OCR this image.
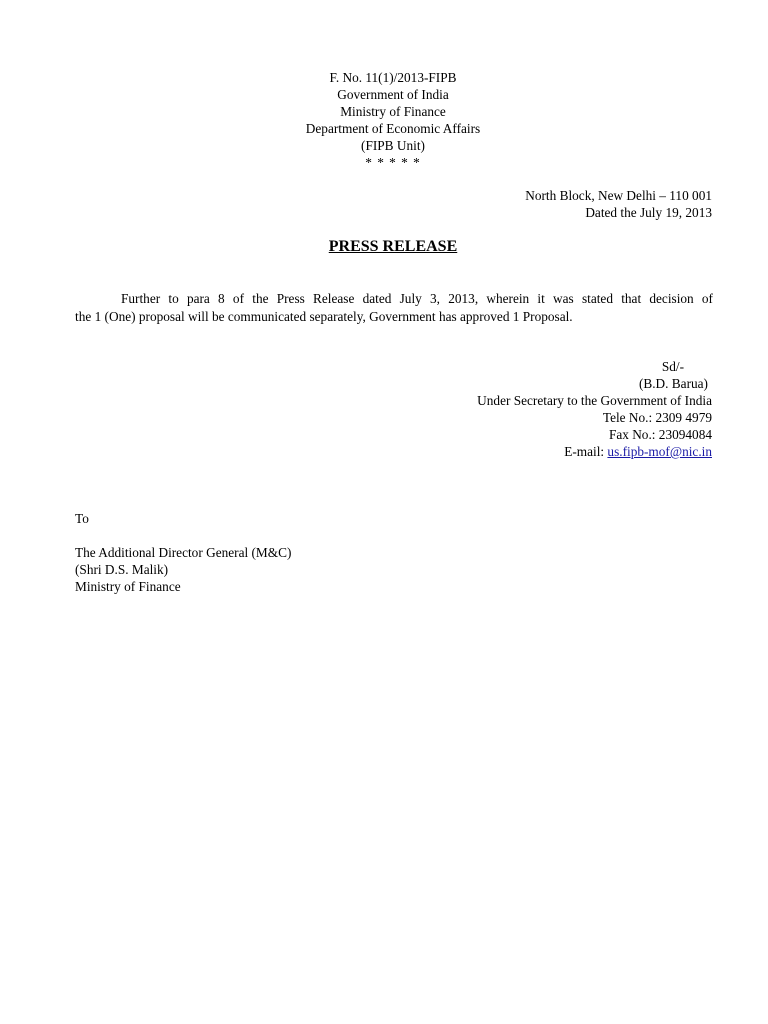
F. No. 11(1)/2013-FIPB
Government of India
Ministry of Finance
Department of Economic Affairs
(FIPB Unit)
* * * * *
North Block, New Delhi – 110 001
Dated the July 19, 2013
PRESS RELEASE
Further to para 8 of the Press Release dated July 3, 2013, wherein it was stated that decision of
the 1 (One) proposal will be communicated separately, Government has approved 1 Proposal.
Sd/-
(B.D. Barua)
Under Secretary to the Government of India
Tele No.: 2309 4979
Fax No.: 23094084
E-mail: us.fipb-mof@nic.in
To
The Additional Director General (M&C)
(Shri D.S. Malik)
Ministry of Finance
